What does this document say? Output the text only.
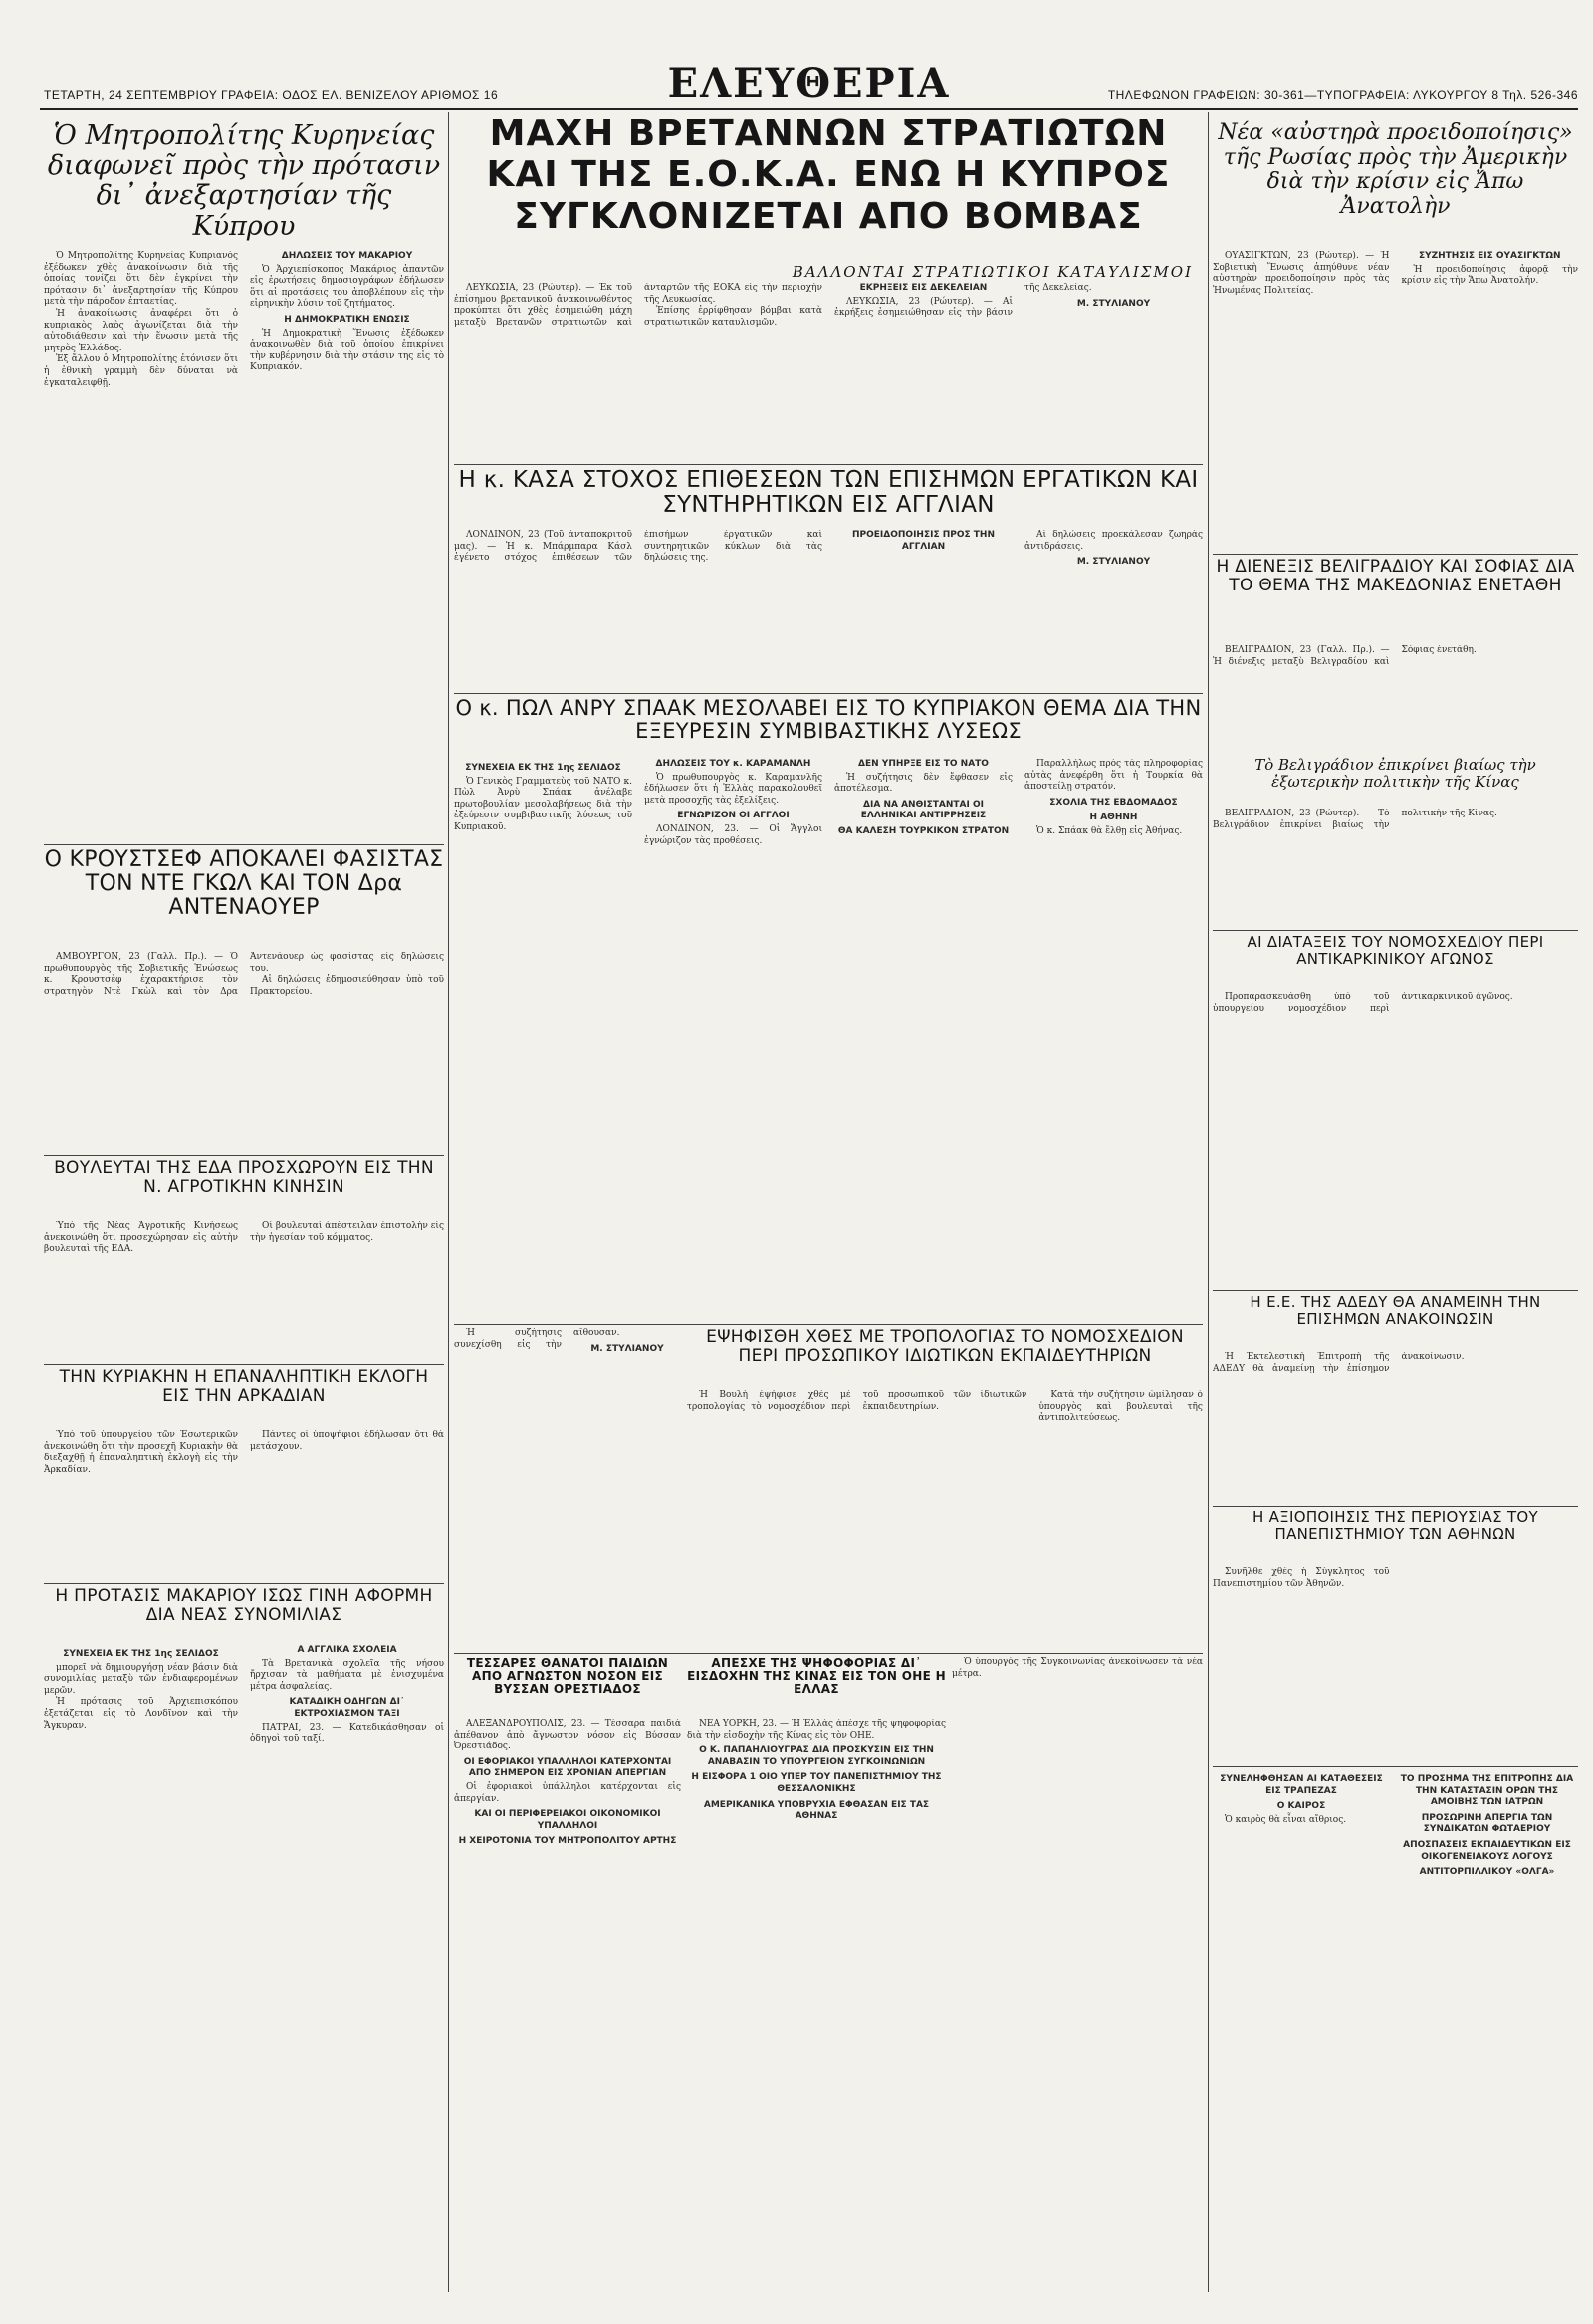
ΕΛΕΥΘΕΡΙΑ
ΤΕΤΑΡΤΗ, 24 ΣΕΠΤΕΜΒΡΙΟΥ ΓΡΑΦΕΙΑ: ΟΔΟΣ ΕΛ. ΒΕΝΙΖΕΛΟΥ ΑΡΙΘΜΟΣ 16	ΤΗΛΕΦΩΝΟΝ ΓΡΑΦΕΙΩΝ: 30-361—ΤΥΠΟΓΡΑΦΕΙΑ: ΛΥΚΟΥΡΓΟΥ 8 Τηλ. 526-346
Ὁ Μητροπολίτης Κυρηνείας διαφωνεῖ πρὸς τὴν πρότασιν δι᾽ ἀνεξαρτησίαν τῆς Κύπρου

Ὁ Μητροπολίτης Κυρηνείας Κυπριανὸς ἐξέδωκεν χθὲς ἀνακοίνωσιν διὰ τῆς ὁποίας τονίζει ὅτι δὲν ἐγκρίνει τὴν πρότασιν δι᾽ ἀνεξαρτησίαν τῆς Κύπρου μετὰ τὴν πάροδον ἐπταετίας.

Ἡ ἀνακοίνωσις ἀναφέρει ὅτι ὁ κυπριακὸς λαὸς ἀγωνίζεται διὰ τὴν αὐτοδιάθεσιν καὶ τὴν ἕνωσιν μετὰ τῆς μητρὸς Ἑλλάδος.

Ἐξ ἄλλου ὁ Μητροπολίτης ἐτόνισεν ὅτι ἡ ἐθνικὴ γραμμὴ δὲν δύναται νὰ ἐγκαταλειφθῇ.

ΔΗΛΩΣΕΙΣ ΤΟΥ ΜΑΚΑΡΙΟΥ

Ὁ Ἀρχιεπίσκοπος Μακάριος ἀπαντῶν εἰς ἐρωτήσεις δημοσιογράφων ἐδήλωσεν ὅτι αἱ προτάσεις του ἀποβλέπουν εἰς τὴν εἰρηνικὴν λύσιν τοῦ ζητήματος.

Η ΔΗΜΟΚΡΑΤΙΚΗ ΕΝΩΣΙΣ

Ἡ Δημοκρατικὴ Ἕνωσις ἐξέδωκεν ἀνακοινωθὲν διὰ τοῦ ὁποίου ἐπικρίνει τὴν κυβέρνησιν διὰ τὴν στάσιν της εἰς τὸ Κυπριακόν.

Ο ΚΡΟΥΣΤΣΕΦ ΑΠΟΚΑΛΕΙ ΦΑΣΙΣΤΑΣ ΤΟΝ ΝΤΕ ΓΚΩΛ ΚΑΙ ΤΟΝ Δρα ΑΝΤΕΝΑΟΥΕΡ

ΑΜΒΟΥΡΓΟΝ, 23 (Γαλλ. Πρ.). — Ὁ πρωθυπουργὸς τῆς Σοβιετικῆς Ἑνώσεως κ. Κρουστσὲφ ἐχαρακτήρισε τὸν στρατηγὸν Ντὲ Γκὼλ καὶ τὸν Δρα Ἀντενάουερ ὡς φασίστας εἰς δηλώσεις του.

Αἱ δηλώσεις ἐδημοσιεύθησαν ὑπὸ τοῦ Πρακτορείου.

ΒΟΥΛΕΥΤΑΙ ΤΗΣ ΕΔΑ ΠΡΟΣΧΩΡΟΥΝ ΕΙΣ ΤΗΝ Ν. ΑΓΡΟΤΙΚΗΝ ΚΙΝΗΣΙΝ

Ὑπὸ τῆς Νέας Ἀγροτικῆς Κινήσεως ἀνεκοινώθη ὅτι προσεχώρησαν εἰς αὐτὴν βουλευταὶ τῆς ΕΔΑ.

Οἱ βουλευταὶ ἀπέστειλαν ἐπιστολὴν εἰς τὴν ἡγεσίαν τοῦ κόμματος.

ΤΗΝ ΚΥΡΙΑΚΗΝ Η ΕΠΑΝΑΛΗΠΤΙΚΗ ΕΚΛΟΓΗ ΕΙΣ ΤΗΝ ΑΡΚΑΔΙΑΝ

Ὑπὸ τοῦ ὑπουργείου τῶν Ἐσωτερικῶν ἀνεκοινώθη ὅτι τὴν προσεχῆ Κυριακὴν θὰ διεξαχθῇ ἡ ἐπαναληπτικὴ ἐκλογὴ εἰς τὴν Ἀρκαδίαν.

Πάντες οἱ ὑποψήφιοι ἐδήλωσαν ὅτι θὰ μετάσχουν.

Η ΠΡΟΤΑΣΙΣ ΜΑΚΑΡΙΟΥ ΙΣΩΣ ΓΙΝΗ ΑΦΟΡΜΗ ΔΙΑ ΝΕΑΣ ΣΥΝΟΜΙΛΙΑΣ
ΣΥΝΕΧΕΙΑ ΕΚ ΤΗΣ 1ης ΣΕΛΙΔΟΣ

μπορεῖ νὰ δημιουργήσῃ νέαν βάσιν διὰ συνομιλίας μεταξὺ τῶν ἐνδιαφερομένων μερῶν.

Ἡ πρότασις τοῦ Ἀρχιεπισκόπου ἐξετάζεται εἰς τὸ Λονδῖνον καὶ τὴν Ἄγκυραν.

Α ΑΓΓΛΙΚΑ ΣΧΟΛΕΙΑ

Τὰ Βρετανικὰ σχολεῖα τῆς νήσου ἤρχισαν τὰ μαθήματα μὲ ἐνισχυμένα μέτρα ἀσφαλείας.

ΚΑΤΑΔΙΚΗ ΟΔΗΓΩΝ ΔΙ᾽ ΕΚΤΡΟΧΙΑΣΜΟΝ ΤΑΞΙ

ΠΑΤΡΑΙ, 23. — Κατεδικάσθησαν οἱ ὁδηγοὶ τοῦ ταξί.

ΜΑΧΗ ΒΡΕΤΑΝΝΩΝ ΣΤΡΑΤΙΩΤΩΝ ΚΑΙ ΤΗΣ Ε.Ο.Κ.Α. ΕΝΩ Η ΚΥΠΡΟΣ ΣΥΓΚΛΟΝΙΖΕΤΑΙ ΑΠΟ ΒΟΜΒΑΣ
ΒΑΛΛΟΝΤΑΙ ΣΤΡΑΤΙΩΤΙΚΟΙ ΚΑΤΑΥΛΙΣΜΟΙ

ΛΕΥΚΩΣΙΑ, 23 (Ρώυτερ). — Ἐκ τοῦ ἐπίσημου βρετανικοῦ ἀνακοινωθέντος προκύπτει ὅτι χθὲς ἐσημειώθη μάχη μεταξὺ Βρετανῶν στρατιωτῶν καὶ ἀνταρτῶν τῆς ΕΟΚΑ εἰς τὴν περιοχὴν τῆς Λευκωσίας.

Ἐπίσης ἐρρίφθησαν βόμβαι κατὰ στρατιωτικῶν καταυλισμῶν.

ΕΚΡΗΞΕΙΣ ΕΙΣ ΔΕΚΕΛΕΙΑΝ

ΛΕΥΚΩΣΙΑ, 23 (Ρώυτερ). — Αἱ ἐκρήξεις ἐσημειώθησαν εἰς τὴν βάσιν τῆς Δεκελείας.

Μ. ΣΤΥΛΙΑΝΟΥ
Η κ. ΚΑΣΑ ΣΤΟΧΟΣ ΕΠΙΘΕΣΕΩΝ ΤΩΝ ΕΠΙΣΗΜΩΝ ΕΡΓΑΤΙΚΩΝ ΚΑΙ ΣΥΝΤΗΡΗΤΙΚΩΝ ΕΙΣ ΑΓΓΛΙΑΝ

ΛΟΝΔΙΝΟΝ, 23 (Τοῦ ἀνταποκριτοῦ μας). — Ἡ κ. Μπάρμπαρα Κάσλ ἐγένετο στόχος ἐπιθέσεων τῶν ἐπισήμων ἐργατικῶν καὶ συντηρητικῶν κύκλων διὰ τὰς δηλώσεις της.

ΠΡΟΕΙΔΟΠΟΙΗΣΙΣ ΠΡΟΣ ΤΗΝ ΑΓΓΛΙΑΝ

Αἱ δηλώσεις προεκάλεσαν ζωηρὰς ἀντιδράσεις.

Μ. ΣΤΥΛΙΑΝΟΥ
Ο κ. ΠΩΛ ΑΝΡΥ ΣΠΑΑΚ ΜΕΣΟΛΑΒΕΙ ΕΙΣ ΤΟ ΚΥΠΡΙΑΚΟΝ ΘΕΜΑ ΔΙΑ ΤΗΝ ΕΞΕΥΡΕΣΙΝ ΣΥΜΒΙΒΑΣΤΙΚΗΣ ΛΥΣΕΩΣ
ΣΥΝΕΧΕΙΑ ΕΚ ΤΗΣ 1ης ΣΕΛΙΔΟΣ

Ὁ Γενικὸς Γραμματεὺς τοῦ ΝΑΤΟ κ. Πὼλ Ἀνρὺ Σπάακ ἀνέλαβε πρωτοβουλίαν μεσολαβήσεως διὰ τὴν ἐξεύρεσιν συμβιβαστικῆς λύσεως τοῦ Κυπριακοῦ.

ΔΗΛΩΣΕΙΣ ΤΟΥ κ. ΚΑΡΑΜΑΝΛΗ

Ὁ πρωθυπουργὸς κ. Καραμανλῆς ἐδήλωσεν ὅτι ἡ Ἑλλὰς παρακολουθεῖ μετὰ προσοχῆς τὰς ἐξελίξεις.

ΕΓΝΩΡΙΖΟΝ ΟΙ ΑΓΓΛΟΙ

ΛΟΝΔΙΝΟΝ, 23. — Οἱ Ἄγγλοι ἐγνώριζον τὰς προθέσεις.

ΔΕΝ ΥΠΗΡΞΕ ΕΙΣ ΤΟ ΝΑΤΟ

Ἡ συζήτησις δὲν ἔφθασεν εἰς ἀποτέλεσμα.

ΔΙΑ ΝΑ ΑΝΘΙΣΤΑΝΤΑΙ ΟΙ ΕΛΛΗΝΙΚΑΙ ΑΝΤΙΡΡΗΣΕΙΣ
ΘΑ ΚΑΛΕΣΗ ΤΟΥΡΚΙΚΟΝ ΣΤΡΑΤΟΝ

Παραλλήλως πρὸς τὰς πληροφορίας αὐτὰς ἀνεφέρθη ὅτι ἡ Τουρκία θὰ ἀποστείλῃ στρατόν.

ΣΧΟΛΙΑ ΤΗΣ ΕΒΔΟΜΑΔΟΣ
Η ΑΘΗΝΗ

Ὁ κ. Σπάακ θὰ ἔλθῃ εἰς Ἀθήνας.

ΕΨΗΦΙΣΘΗ ΧΘΕΣ ΜΕ ΤΡΟΠΟΛΟΓΙΑΣ ΤΟ ΝΟΜΟΣΧΕΔΙΟΝ ΠΕΡΙ ΠΡΟΣΩΠΙΚΟΥ ΙΔΙΩΤΙΚΩΝ ΕΚΠΑΙΔΕΥΤΗΡΙΩΝ

Ἡ Βουλὴ ἐψήφισε χθὲς μὲ τροπολογίας τὸ νομοσχέδιον περὶ τοῦ προσωπικοῦ τῶν ἰδιωτικῶν ἐκπαιδευτηρίων.

Κατὰ τὴν συζήτησιν ὡμίλησαν ὁ ὑπουργὸς καὶ βουλευταὶ τῆς ἀντιπολιτεύσεως.

Ἡ συζήτησις συνεχίσθη εἰς τὴν αἴθουσαν.

Μ. ΣΤΥΛΙΑΝΟΥ
ΤΕΣΣΑΡΕΣ ΘΑΝΑΤΟΙ ΠΑΙΔΙΩΝ ΑΠΟ ΑΓΝΩΣΤΟΝ ΝΟΣΟΝ ΕΙΣ ΒΥΣΣΑΝ ΟΡΕΣΤΙΑΔΟΣ

ΑΛΕΞΑΝΔΡΟΥΠΟΛΙΣ, 23. — Τέσσαρα παιδιὰ ἀπέθανον ἀπὸ ἄγνωστον νόσον εἰς Βύσσαν Ὀρεστιάδος.

ΟΙ ΕΦΟΡΙΑΚΟΙ ΥΠΑΛΛΗΛΟΙ ΚΑΤΕΡΧΟΝΤΑΙ ΑΠΟ ΣΗΜΕΡΟΝ ΕΙΣ ΧΡΟΝΙΑΝ ΑΠΕΡΓΙΑΝ

Οἱ ἐφοριακοὶ ὑπάλληλοι κατέρχονται εἰς ἀπεργίαν.

ΚΑΙ ΟΙ ΠΕΡΙΦΕΡΕΙΑΚΟΙ ΟΙΚΟΝΟΜΙΚΟΙ ΥΠΑΛΛΗΛΟΙ
Η ΧΕΙΡΟΤΟΝΙΑ ΤΟΥ ΜΗΤΡΟΠΟΛΙΤΟΥ ΑΡΤΗΣ
ΑΠΕΣΧΕ ΤΗΣ ΨΗΦΟΦΟΡΙΑΣ ΔΙ᾽ ΕΙΣΔΟΧΗΝ ΤΗΣ ΚΙΝΑΣ ΕΙΣ ΤΟΝ ΟΗΕ Η ΕΛΛΑΣ

ΝΕΑ ΥΟΡΚΗ, 23. — Ἡ Ἑλλὰς ἀπέσχε τῆς ψηφοφορίας διὰ τὴν εἰσδοχὴν τῆς Κίνας εἰς τὸν ΟΗΕ.

Ο Κ. ΠΑΠΑΗΛΙΟΥΓΡΑΣ ΔΙΑ ΠΡΟΣΚΥΣΙΝ ΕΙΣ ΤΗΝ ΑΝΑΒΑΣΙΝ ΤΟ ΥΠΟΥΡΓΕΙΟΝ ΣΥΓΚΟΙΝΩΝΙΩΝ
Η ΕΙΣΦΟΡΑ 1 ΟΙΟ ΥΠΕΡ ΤΟΥ ΠΑΝΕΠΙΣΤΗΜΙΟΥ ΤΗΣ ΘΕΣΣΑΛΟΝΙΚΗΣ
ΑΜΕΡΙΚΑΝΙΚΑ ΥΠΟΒΡΥΧΙΑ ΕΦΘΑΣΑΝ ΕΙΣ ΤΑΣ ΑΘΗΝΑΣ

Ὁ ὑπουργὸς τῆς Συγκοινωνίας ἀνεκοίνωσεν τὰ νέα μέτρα.

Νέα «αὐστηρὰ προειδοποίησις» τῆς Ρωσίας πρὸς τὴν Ἀμερικὴν διὰ τὴν κρίσιν εἰς Ἄπω Ἀνατολὴν

ΟΥΑΣΙΓΚΤΩΝ, 23 (Ρώυτερ). — Ἡ Σοβιετικὴ Ἕνωσις ἀπηύθυνε νέαν αὐστηρὰν προειδοποίησιν πρὸς τὰς Ἡνωμένας Πολιτείας.

ΣΥΖΗΤΗΣΙΣ ΕΙΣ ΟΥΑΣΙΓΚΤΩΝ

Ἡ προειδοποίησις ἀφορᾷ τὴν κρίσιν εἰς τὴν Ἄπω Ἀνατολήν.

Η ΔΙΕΝΕΞΙΣ ΒΕΛΙΓΡΑΔΙΟΥ ΚΑΙ ΣΟΦΙΑΣ ΔΙΑ ΤΟ ΘΕΜΑ ΤΗΣ ΜΑΚΕΔΟΝΙΑΣ ΕΝΕΤΑΘΗ

ΒΕΛΙΓΡΑΔΙΟΝ, 23 (Γαλλ. Πρ.). — Ἡ διένεξις μεταξὺ Βελιγραδίου καὶ Σόφιας ἐνετάθη.

Τὸ Βελιγράδιον ἐπικρίνει βιαίως τὴν ἐξωτερικὴν πολιτικὴν τῆς Κίνας

ΒΕΛΙΓΡΑΔΙΟΝ, 23 (Ρώυτερ). — Τὸ Βελιγράδιον ἐπικρίνει βιαίως τὴν πολιτικὴν τῆς Κίνας.

ΑΙ ΔΙΑΤΑΞΕΙΣ ΤΟΥ ΝΟΜΟΣΧΕΔΙΟΥ ΠΕΡΙ ΑΝΤΙΚΑΡΚΙΝΙΚΟΥ ΑΓΩΝΟΣ

Προπαρασκευάσθη ὑπὸ τοῦ ὑπουργείου νομοσχέδιον περὶ ἀντικαρκινικοῦ ἀγῶνος.

Η Ε.Ε. ΤΗΣ ΑΔΕΔΥ ΘΑ ΑΝΑΜΕΙΝΗ ΤΗΝ ΕΠΙΣΗΜΩΝ ΑΝΑΚΟΙΝΩΣΙΝ

Ἡ Ἐκτελεστικὴ Ἐπιτροπὴ τῆς ΑΔΕΔΥ θὰ ἀναμείνῃ τὴν ἐπίσημον ἀνακοίνωσιν.

Η ΑΞΙΟΠΟΙΗΣΙΣ ΤΗΣ ΠΕΡΙΟΥΣΙΑΣ ΤΟΥ ΠΑΝΕΠΙΣΤΗΜΙΟΥ ΤΩΝ ΑΘΗΝΩΝ

Συνῆλθε χθὲς ἡ Σύγκλητος τοῦ Πανεπιστημίου τῶν Ἀθηνῶν.

ΣΥΝΕΛΗΦΘΗΣΑΝ ΑΙ ΚΑΤΑΘΕΣΕΙΣ ΕΙΣ ΤΡΑΠΕΖΑΣ
Ο ΚΑΙΡΟΣ

Ὁ καιρὸς θὰ εἶναι αἴθριος.

ΤΟ ΠΡΟΣΗΜΑ ΤΗΣ ΕΠΙΤΡΟΠΗΣ ΔΙΑ ΤΗΝ ΚΑΤΑΣΤΑΣΙΝ ΟΡΩΝ ΤΗΣ ΑΜΟΙΒΗΣ ΤΩΝ ΙΑΤΡΩΝ
ΠΡΟΣΩΡΙΝΗ ΑΠΕΡΓΙΑ ΤΩΝ ΣΥΝΔΙΚΑΤΩΝ ΦΩΤΑΕΡΙΟΥ
ΑΠΟΣΠΑΣΕΙΣ ΕΚΠΑΙΔΕΥΤΙΚΩΝ ΕΙΣ ΟΙΚΟΓΕΝΕΙΑΚΟΥΣ ΛΟΓΟΥΣ
ΑΝΤΙΤΟΡΠΙΛΛΙΚΟΥ «ΟΛΓΑ»
